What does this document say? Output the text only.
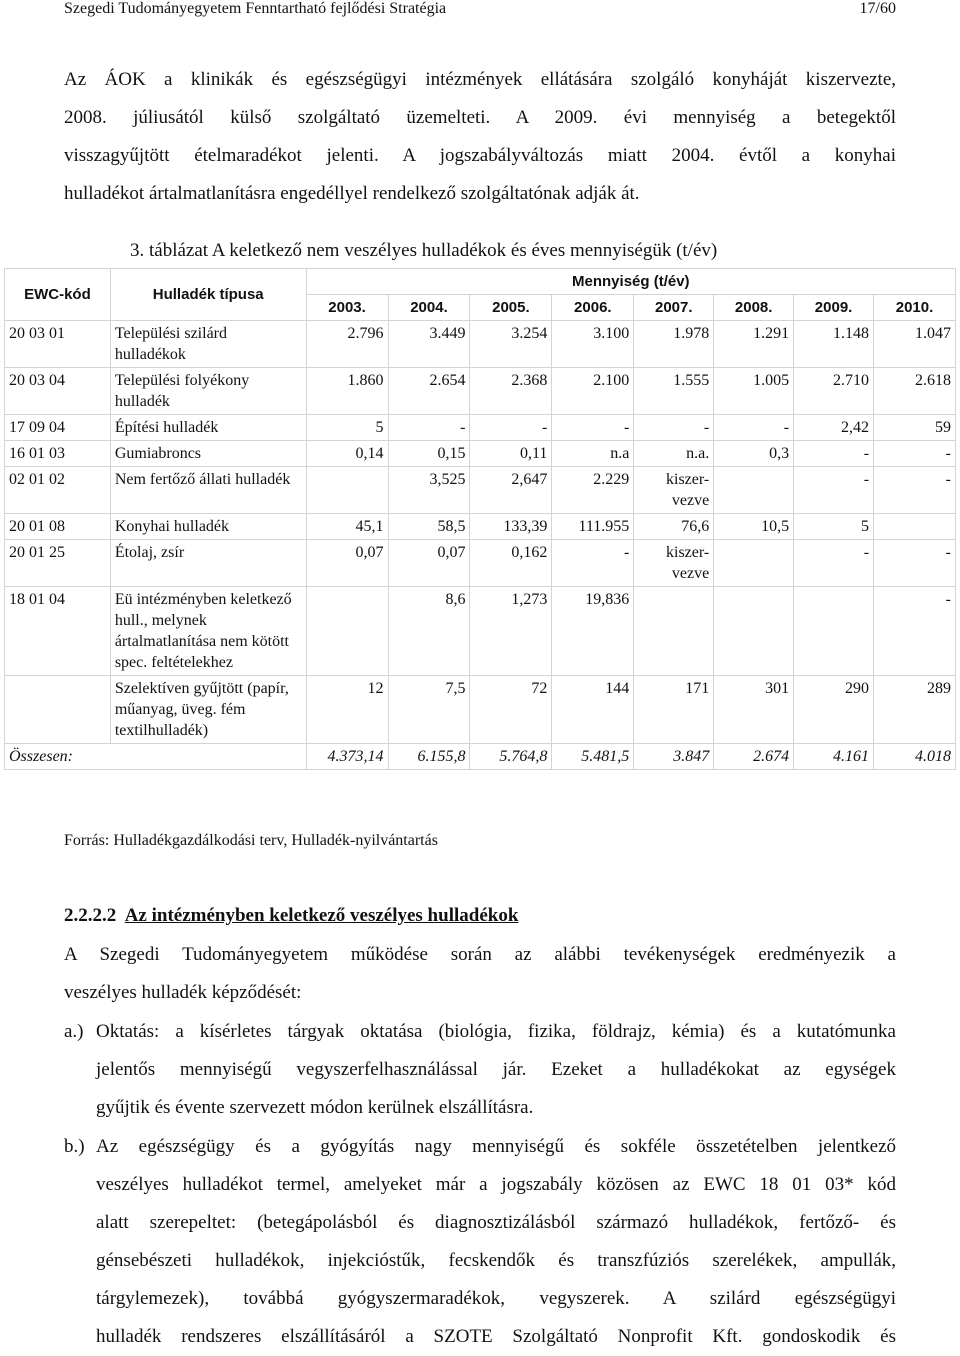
Szegedi Tudományegyetem Fenntartható fejlődési Stratégia	17/60
Az ÁOK a klinikák és egészségügyi intézmények ellátására szolgáló konyháját kiszervezte,
2008. júliusától külső szolgáltató üzemelteti. A 2009. évi mennyiség a betegektől
visszagyűjtött ételmaradékot jelenti. A jogszabályváltozás miatt 2004. évtől a konyhai
hulladékot ártalmatlanításra engedéllyel rendelkező szolgáltatónak adják át.
3. táblázat A keletkező nem veszélyes hulladékok és éves mennyiségük (t/év)
EWC-kód	Hulladék típusa	Mennyiség (t/év)							
		2003.	2004.	2005.	2006.	2007.	2008.	2009.	2010.
20 03 01	Települési szilárd hulladékok	2.796	3.449	3.254	3.100	1.978	1.291	1.148	1.047
20 03 04	Települési folyékony hulladék	1.860	2.654	2.368	2.100	1.555	1.005	2.710	2.618
17 09 04	Építési hulladék	5	-	-	-	-	-	2,42	59
16 01 03	Gumiabroncs	0,14	0,15	0,11	n.a	n.a.	0,3	-	-
02 01 02	Nem fertőző állati hulladék		3,525	2,647	2.229	kiszer-vezve		-	-
20 01 08	Konyhai hulladék	45,1	58,5	133,39	111.955	76,6	10,5	5	
20 01 25	Étolaj, zsír	0,07	0,07	0,162	-	kiszer-vezve		-	-
18 01 04	Eü intézményben keletkező hull., melynek ártalmatlanítása nem kötött spec. feltételekhez		8,6	1,273	19,836				-
	Szelektíven gyűjtött (papír, műanyag, üveg. fém textilhulladék)	12	7,5	72	144	171	301	290	289
Összesen:		4.373,14	6.155,8	5.764,8	5.481,5	3.847	2.674	4.161	4.018
Forrás: Hulladékgazdálkodási terv, Hulladék-nyilvántartás
2.2.2.2 Az intézményben keletkező veszélyes hulladékok
A Szegedi Tudományegyetem működése során az alábbi tevékenységek eredményezik a
veszélyes hulladék képződését:
a.) Oktatás: a kísérletes tárgyak oktatása (biológia, fizika, földrajz, kémia) és a kutatómunka
jelentős mennyiségű vegyszerfelhasználással jár. Ezeket a hulladékokat az egységek
gyűjtik és évente szervezett módon kerülnek elszállításra.
b.) Az egészségügy és a gyógyítás nagy mennyiségű és sokféle összetételben jelentkező
veszélyes hulladékot termel, amelyeket már a jogszabály közösen az EWC 18 01 03* kód
alatt szerepeltet: (betegápolásból és diagnosztizálásból származó hulladékok, fertőző- és
génsebészeti hulladékok, injekcióstűk, fecskendők és transzfúziós szerelékek, ampullák,
tárgylemezek), továbbá gyógyszermaradékok, vegyszerek. A szilárd egészségügyi
hulladék rendszeres elszállításáról a SZOTE Szolgáltató Nonprofit Kft. gondoskodik és
